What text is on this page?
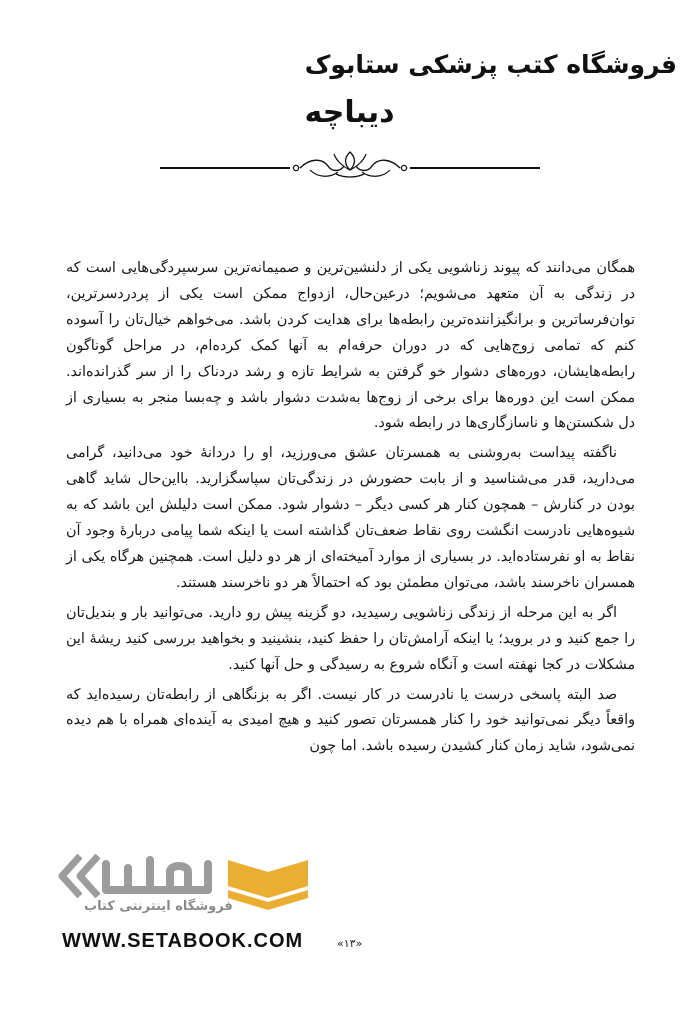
فروشگاه کتب پزشکی ستابوک
دیباچه

همگان می‌دانند که پیوند زناشویی یکی از دلنشین‌ترین و صمیمانه‌ترین سرسپردگی‌هایی است که در زندگی به آن متعهد می‌شویم؛ درعین‌حال، ازدواج ممکن است یکی از پردردسرترین، توان‌فرساترین و برانگیزاننده‌ترین رابطه‌ها برای هدایت کردن باشد. می‌خواهم خیال‌تان را آسوده کنم که تمامی زوج‌هایی که در دوران حرفه‌ام به آنها کمک کرده‌ام، در مراحل گوناگون رابطه‌هایشان، دوره‌های دشوار خو گرفتن به شرایط تازه و رشد دردناک را از سر گذرانده‌اند. ممکن است این دوره‌ها برای برخی از زوج‌ها به‌شدت دشوار باشد و چه‌بسا منجر به بسیاری از دل شکستن‌ها و ناسازگاری‌ها در رابطه شود.

ناگفته پیداست به‌روشنی به همسرتان عشق می‌ورزید، او را دردانهٔ خود می‌دانید، گرامی می‌دارید، قدر می‌شناسید و از بابت حضورش در زندگی‌تان سپاسگزارید. بااین‌حال شاید گاهی بودن در کنارش – همچون کنار هر کسی دیگر – دشوار شود. ممکن است دلیلش این باشد که به شیوه‌هایی نادرست انگشت روی نقاط ضعف‌تان گذاشته است یا اینکه شما پیامی دربارهٔ وجود آن نقاط به او نفرستاده‌اید. در بسیاری از موارد آمیخته‌ای از هر دو دلیل است. همچنین هرگاه یکی از همسران ناخرسند باشد، می‌توان مطمئن بود که احتمالاً هر دو ناخرسند هستند.

اگر به این مرحله از زندگی زناشویی رسیدید، دو گزینه پیش رو دارید. می‌توانید بار و بندیل‌تان را جمع کنید و در بروید؛ یا اینکه آرامش‌تان را حفظ کنید، بنشینید و بخواهید بررسی کنید ریشهٔ این مشکلات در کجا نهفته است و آنگاه شروع به رسیدگی و حل آنها کنید.

صد البته پاسخی درست یا نادرست در کار نیست. اگر به بزنگاهی از رابطه‌تان رسیده‌اید که واقعاً دیگر نمی‌توانید خود را کنار همسرتان تصور کنید و هیچ امیدی به آینده‌ای همراه با هم دیده نمی‌شود، شاید زمان کنار کشیدن رسیده باشد. اما چون

فروشگاه اینترنتی کتاب
WWW.SETABOOK.COM	«۱۳»
